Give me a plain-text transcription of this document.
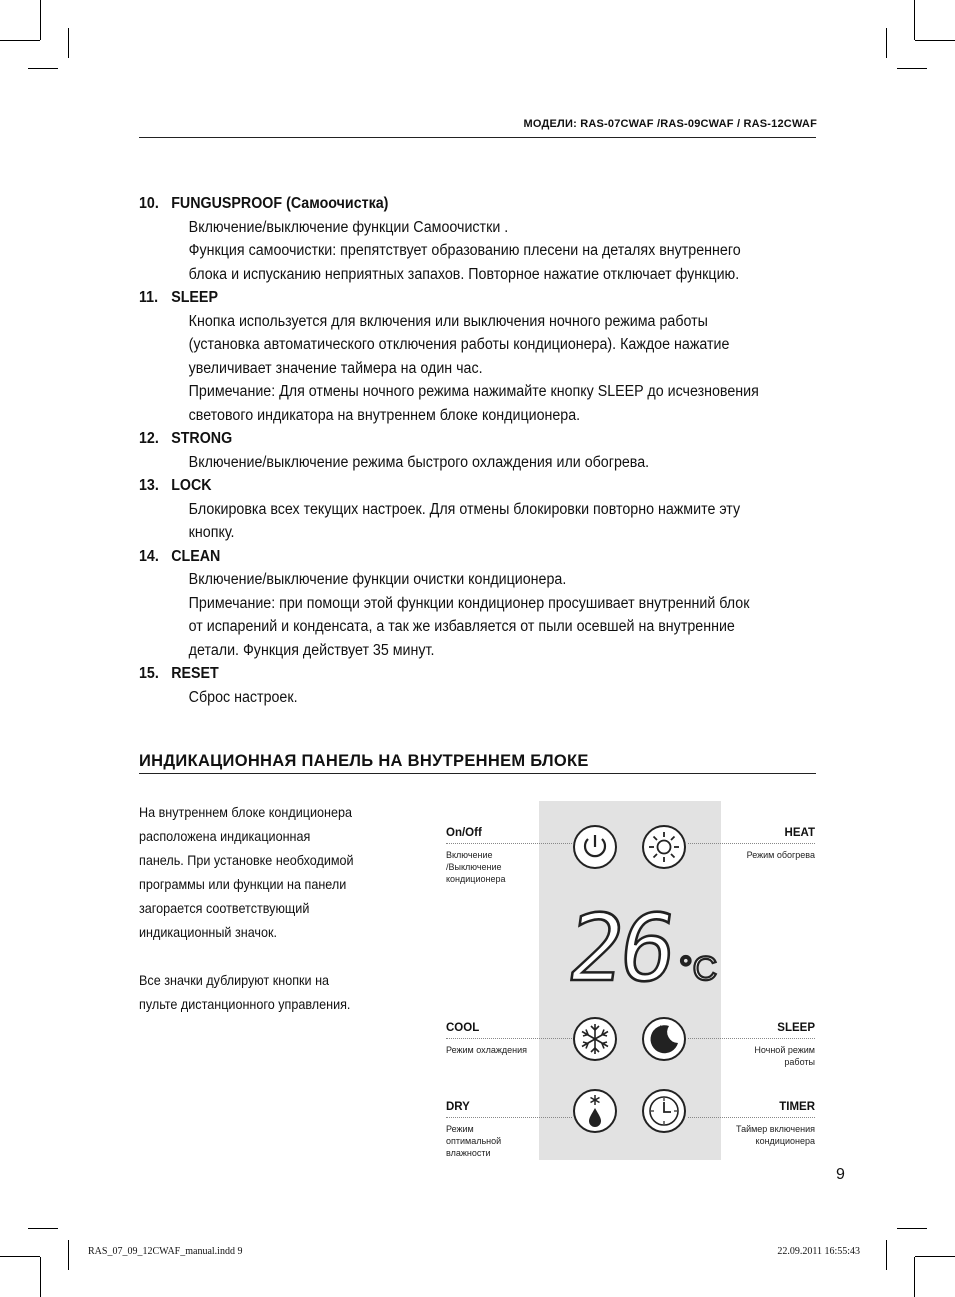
МОДЕЛИ: RAS-07CWAF /RAS-09CWAF / RAS-12CWAF
10. FUNGUSPROOF (Самоочистка)
Включение/выключение функции Самоочистки .
Функция самоочистки: препятствует образованию плесени на деталях внутреннего
блока и испусканию неприятных запахов. Повторное нажатие отключает функцию.
11. SLEEP
Кнопка используется для включения или выключения ночного режима работы
(установка автоматического отключения работы кондиционера). Каждое нажатие
увеличивает значение таймера на один час.
Примечание: Для отмены ночного режима нажимайте кнопку SLEEP до исчезновения
светового индикатора на внутреннем блоке кондиционера.
12. STRONG
Включение/выключение режима быстрого охлаждения или обогрева.
13. LOCK
Блокировка всех текущих настроек. Для отмены блокировки повторно нажмите эту
кнопку.
14. CLEAN
Включение/выключение функции очистки кондиционера.
Примечание: при помощи этой функции кондиционер просушивает внутренний блок
от испарений и конденсата, а так же избавляется от пыли осевшей на внутренние
детали. Функция действует 35 минут.
15. RESET
Сброс настроек.
ИНДИКАЦИОННАЯ ПАНЕЛЬ НА ВНУТРЕННЕМ БЛОКЕ

На внутреннем блоке кондиционера
расположена индикационная
панель. При установке необходимой
программы или функции на панели
загорается соответствующий
индикационный значок.

Все значки дублируют кнопки на
пульте дистанционного управления.

On/Off
Включение
/Выключение
кондиционера
HEAT
Режим обогрева
26 °C
COOL
Режим охлаждения
SLEEP
Ночной режим
работы
+
+
DRY
Режим
оптимальной
влажности
TIMER
Таймер включения
кондиционера
9
RAS_07_09_12CWAF_manual.indd 9	22.09.2011 16:55:43
